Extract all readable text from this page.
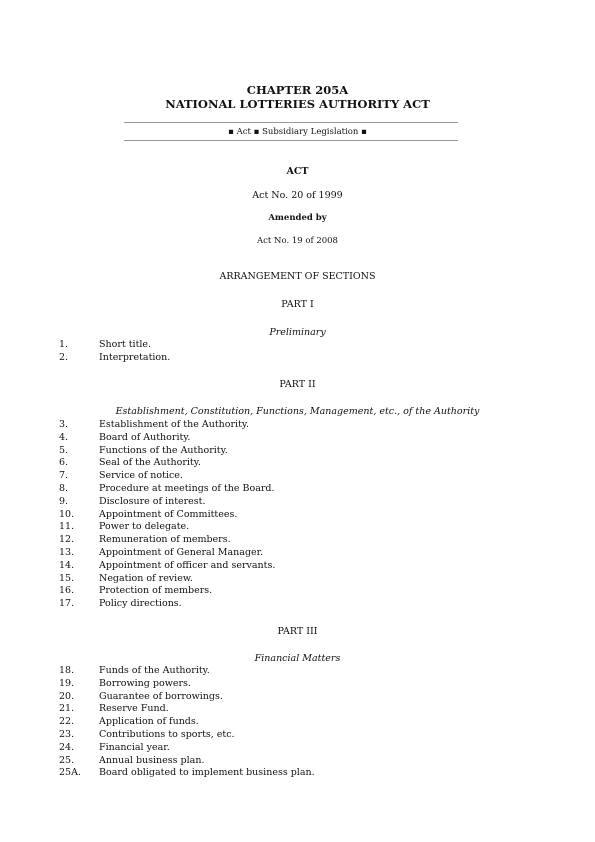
CHAPTER 205A
NATIONAL LOTTERIES AUTHORITY ACT
▪ Act ▪ Subsidiary Legislation ▪
ACT
Act No. 20 of 1999
Amended by
Act No. 19 of 2008
ARRANGEMENT OF SECTIONS
PART I
Preliminary
1.	Short title.
2.	Interpretation.
PART II
Establishment, Constitution, Functions, Management, etc., of the Authority
3.	Establishment of the Authority.
4.	Board of Authority.
5.	Functions of the Authority.
6.	Seal of the Authority.
7.	Service of notice.
8.	Procedure at meetings of the Board.
9.	Disclosure of interest.
10.	Appointment of Committees.
11.	Power to delegate.
12.	Remuneration of members.
13.	Appointment of General Manager.
14.	Appointment of officer and servants.
15.	Negation of review.
16.	Protection of members.
17.	Policy directions.
PART III
Financial Matters
18.	Funds of the Authority.
19.	Borrowing powers.
20.	Guarantee of borrowings.
21.	Reserve Fund.
22.	Application of funds.
23.	Contributions to sports, etc.
24.	Financial year.
25.	Annual business plan.
25A. Board obligated to implement business plan.
